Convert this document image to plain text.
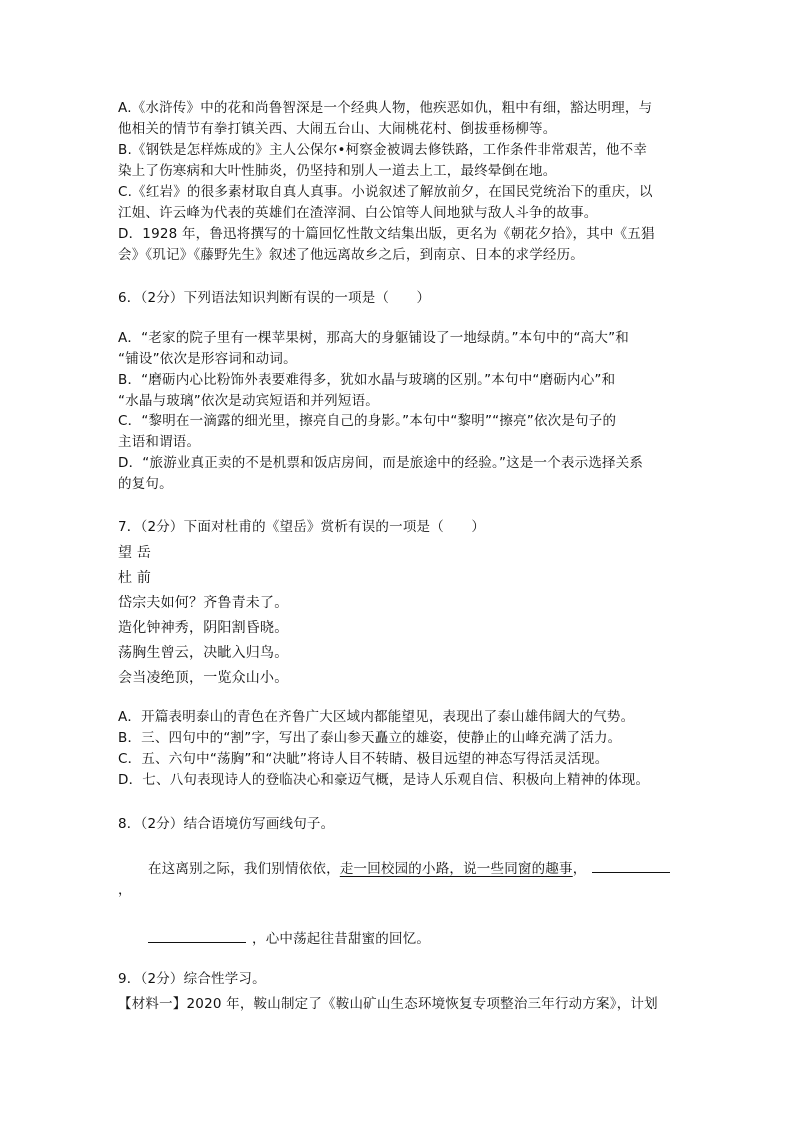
A.《水浒传》中的花和尚鲁智深是一个经典人物，他疾恶如仇，粗中有细，豁达明理，与
他相关的情节有拳打镇关西、大闹五台山、大闹桃花村、倒拔垂杨柳等。
B.《钢铁是怎样炼成的》主人公保尔•柯察金被调去修铁路，工作条件非常艰苦，他不幸
染上了伤寒病和大叶性肺炎，仍坚持和别人一道去上工，最终晕倒在地。
C.《红岩》的很多素材取自真人真事。小说叙述了解放前夕，在国民党统治下的重庆，以
江姐、许云峰为代表的英雄们在渣滓洞、白公馆等人间地狱与敌人斗争的故事。
D．1928 年，鲁迅将撰写的十篇回忆性散文结集出版，更名为《朝花夕拾》，其中《五猖
会》《玑记》《藤野先生》叙述了他远离故乡之后，到南京、日本的求学经历。
6．（2分）下列语法知识判断有误的一项是（　　）
A．“老家的院子里有一棵苹果树，那高大的身躯铺设了一地绿荫。”本句中的“高大”和
“铺设”依次是形容词和动词。
B．“磨砺内心比粉饰外表要难得多，犹如水晶与玻璃的区别。”本句中“磨砺内心”和
“水晶与玻璃”依次是动宾短语和并列短语。
C．“黎明在一滴露的细光里，擦亮自己的身影。”本句中“黎明”“擦亮”依次是句子的
主语和谓语。
D．“旅游业真正卖的不是机票和饭店房间，而是旅途中的经验。”这是一个表示选择关系
的复句。
7．（2分）下面对杜甫的《望岳》赏析有误的一项是（　　）
望 岳
杜 前
岱宗夫如何？齐鲁青未了。
造化钟神秀，阴阳割昏晓。
荡胸生曾云，决眦入归鸟。
会当凌绝顶，一览众山小。
A．开篇表明泰山的青色在齐鲁广大区域内都能望见，表现出了泰山雄伟阔大的气势。
B．三、四句中的“割”字，写出了泰山参天矗立的雄姿，使静止的山峰充满了活力。
C．五、六句中“荡胸”和“决眦”将诗人目不转睛、极目远望的神态写得活灵活现。
D．七、八句表现诗人的登临决心和豪迈气概，是诗人乐观自信、积极向上精神的体现。
8．（2分）结合语境仿写画线句子。
在这离别之际，我们别情依依，走一回校园的小路，说一些同窗的趣事，
，
，心中荡起往昔甜蜜的回忆。
9．（2分）综合性学习。
【材料一】2020 年，鞍山制定了《鞍山矿山生态环境恢复专项整治三年行动方案》，计划
